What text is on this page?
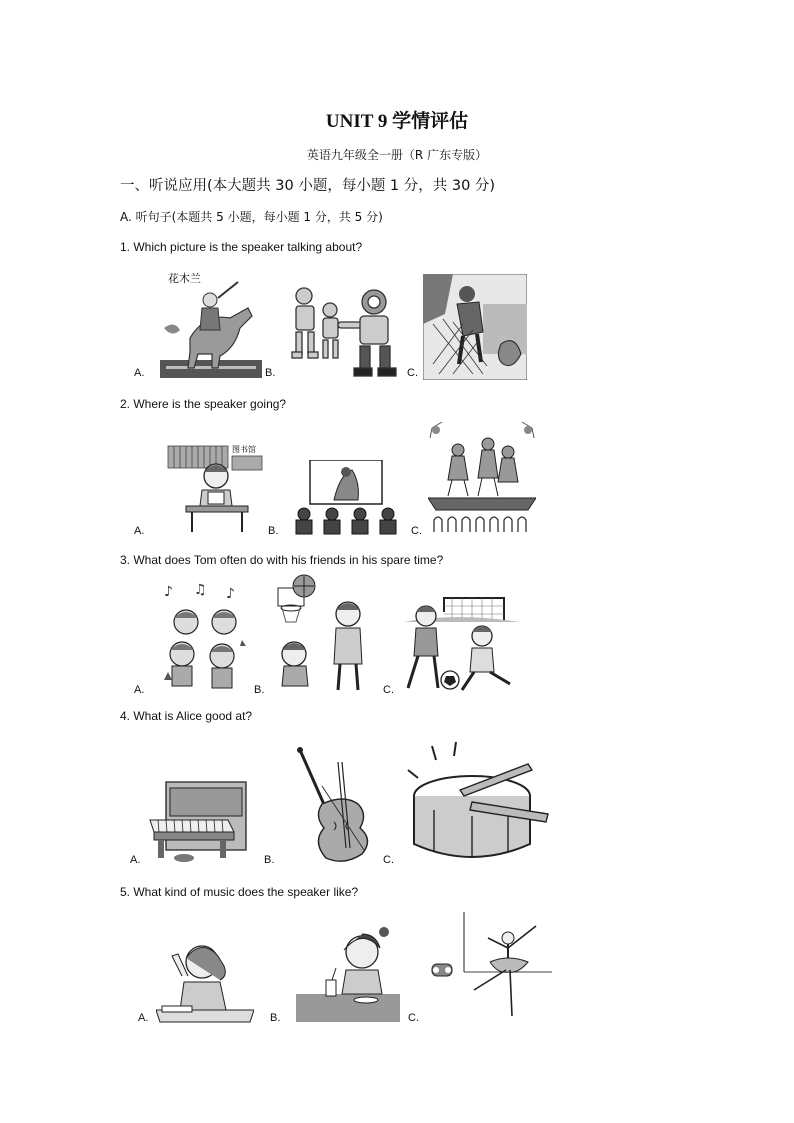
UNIT 9 学情评估
英语九年级全一册（R 广东专版）
一、听说应用(本大题共 30 小题，每小题 1 分，共 30 分)
A. 听句子(本题共 5 小题，每小题 1 分，共 5 分)
1. Which picture is the speaker talking about?
A.	B.	C.
花木兰
2. Where is the speaker going?
A.	B.	C.
图书馆
3. What does Tom often do with his friends in his spare time?
A.	B.	C.
♪ ♫ ♪
4. What is Alice good at?
A.	B.	C.
5. What kind of music does the speaker like?
A.	B.	C.
